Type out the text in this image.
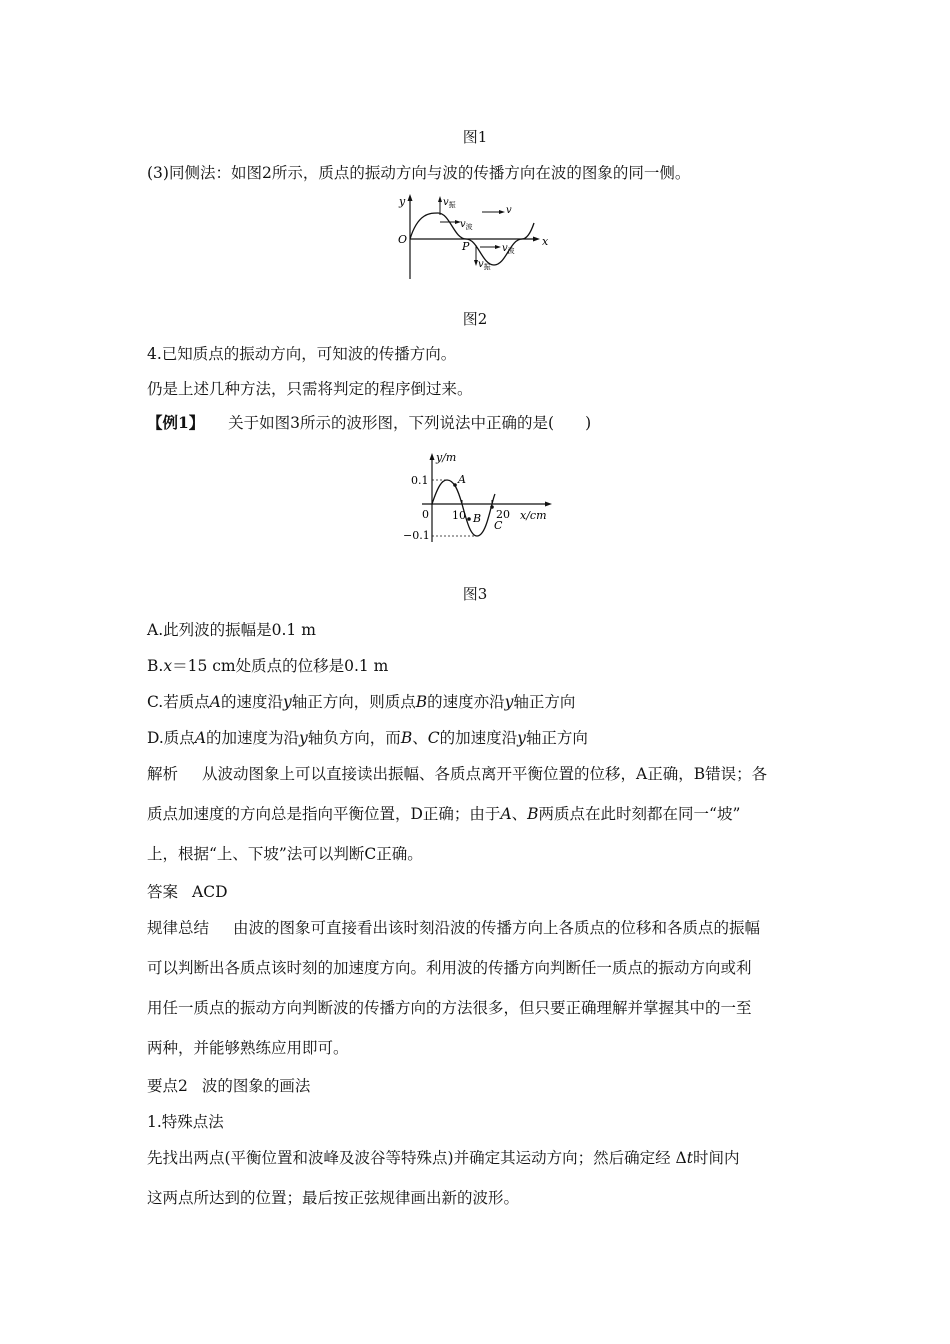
图1
(3)同侧法：如图2所示，质点的振动方向与波的传播方向在波的图象的同一侧。
$v_振$
$v_波$
v
P
$v_振$
$v_波$
y
O	x
图2
4.已知质点的振动方向，可知波的传播方向。
仍是上述几种方法，只需将判定的程序倒过来。
【例1】 关于如图3所示的波形图，下列说法中正确的是(　　)
y/m
0.1
−0.1
0 10	20 x/cm
A
B
C
图3
A.此列波的振幅是0.1 m
B.x＝15 cm处质点的位移是0.1 m
C.若质点A的速度沿y轴正方向，则质点B的速度亦沿y轴正方向
D.质点A的加速度为沿y轴负方向，而B、C的加速度沿y轴正方向
解析 从波动图象上可以直接读出振幅、各质点离开平衡位置的位移，A正确，B错误；各
质点加速度的方向总是指向平衡位置，D正确；由于A、B两质点在此时刻都在同一“坡”
上，根据“上、下坡”法可以判断C正确。
答案 ACD
规律总结 由波的图象可直接看出该时刻沿波的传播方向上各质点的位移和各质点的振幅
可以判断出各质点该时刻的加速度方向。利用波的传播方向判断任一质点的振动方向或利
用任一质点的振动方向判断波的传播方向的方法很多，但只要正确理解并掌握其中的一至
两种，并能够熟练应用即可。
要点2 波的图象的画法
1.特殊点法
先找出两点(平衡位置和波峰及波谷等特殊点)并确定其运动方向；然后确定经 Δt时间内
这两点所达到的位置；最后按正弦规律画出新的波形。
